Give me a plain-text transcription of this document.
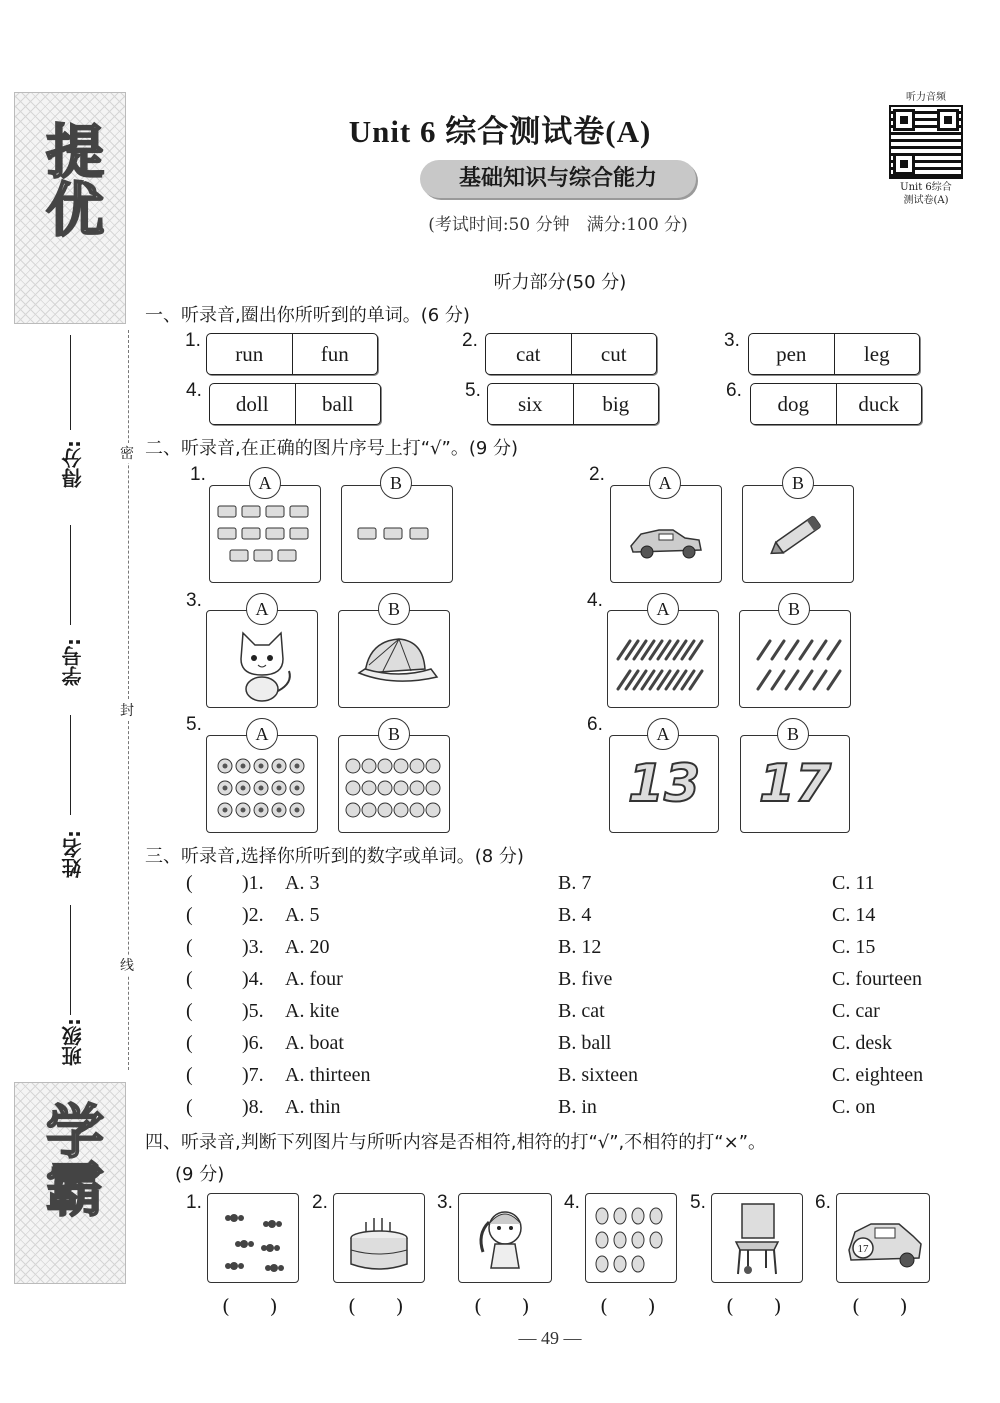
提优
学霸
得分:
学号:
姓名:
班级:
密
封
线
Unit 6 综合测试卷(A)
基础知识与综合能力
(考试时间:50 分钟　满分:100 分)
听力音频
Unit 6综合
测试卷(A)
听力部分(50 分)
一、听录音,圈出你所听到的单词。(6 分)
1.
run	fun
2.
cat	cut
3.
pen	leg
4.
doll	ball
5.
six	big
6.
dog	duck
二、听录音,在正确的图片序号上打“√”。(9 分)
1.	A	B	2.	A	B
3.	A	B	4.	A	B
5.	A	B	6.
13
A
17
B
三、听录音,选择你所听到的数字或单词。(8 分)
( )1. A. 3	B. 7	C. 11
( )2. A. 5	B. 4	C. 14
( )3. A. 20	B. 12	C. 15
( )4. A. four	B. five	C. fourteen
( )5. A. kite	B. cat	C. car
( )6. A. boat	B. ball	C. desk
( )7. A. thirteen	B. sixteen	C. eighteen
( )8. A. thin	B. in	C. on
四、听录音,判断下列图片与所听内容是否相符,相符的打“√”,不相符的打“×”。
(9 分)
1.
(　　)
2.
(　　)
3.
(　　)
4.
(　　)
5.
(　　)
6.
17
(　　)
— 49 —
